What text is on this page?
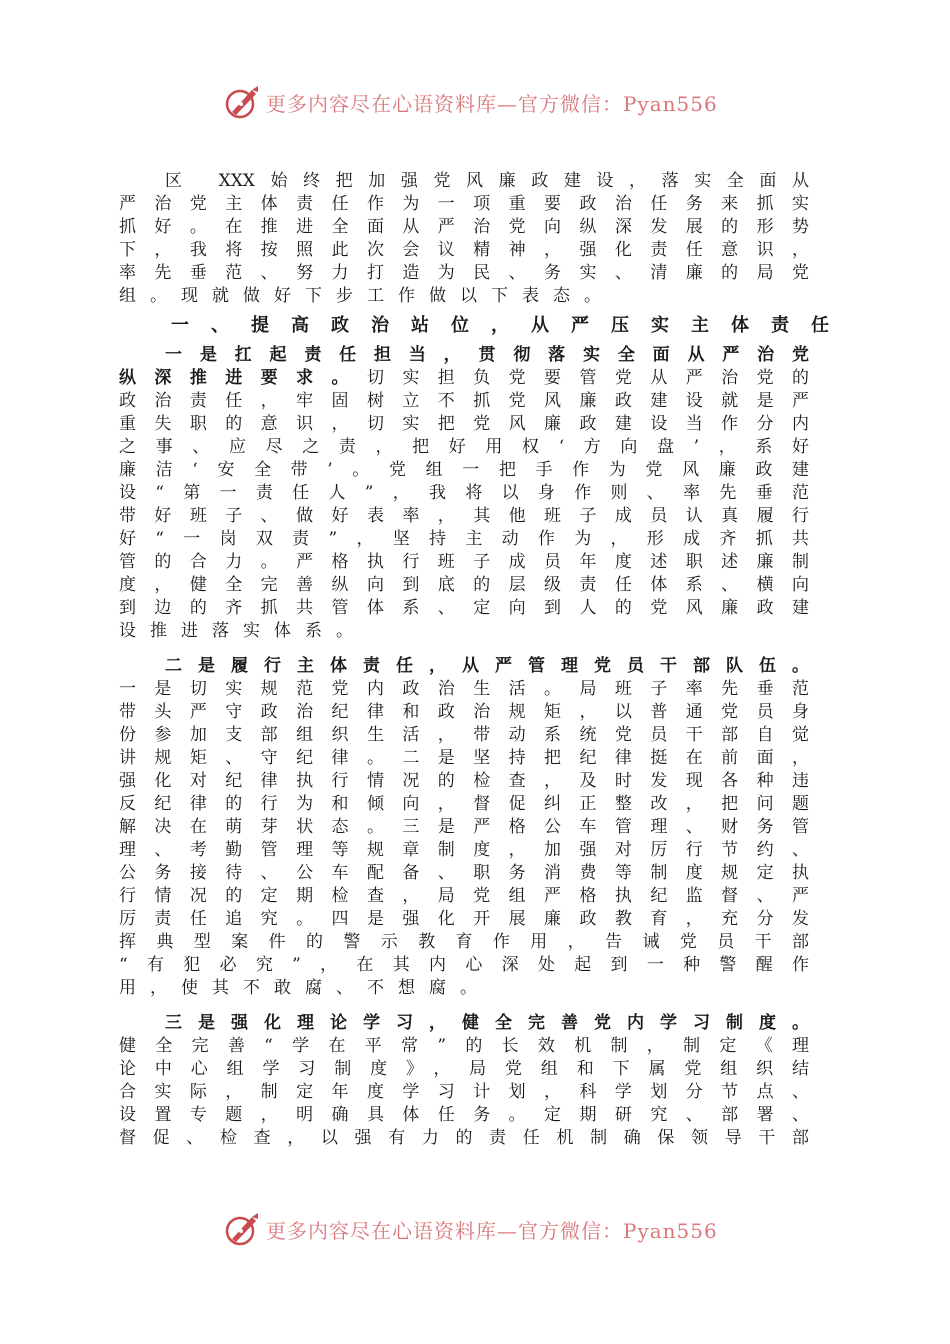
更多内容尽在心语资料库—官方微信：Pyan556
区 XXX始终把加强党风廉政建设，落实全面从
严治党主体责任作为一项重要政治任务来抓实
抓好。在推进全面从严治党向纵深发展的形势
下，我将按照此次会议精神，强化责任意识，
率先垂范、努力打造为民、务实、清廉的局党
组。现就做好下步工作做以下表态。
一、提高政治站位，从严压实主体责任
一是扛起责任担当，贯彻落实全面从严治党
纵深推进要求。切实担负党要管党从严治党的
政治责任，牢固树立不抓党风廉政建设就是严
重失职的意识，切实把党风廉政建设当作分内
之事、应尽之责，把好用权‘方向盘’，系好
廉洁‘安全带’。党组一把手作为党风廉政建
设“第一责任人”，我将以身作则、率先垂范
带好班子、做好表率，其他班子成员认真履行
好“一岗双责”，坚持主动作为，形成齐抓共
管的合力。严格执行班子成员年度述职述廉制
度，健全完善纵向到底的层级责任体系、横向
到边的齐抓共管体系、定向到人的党风廉政建
设推进落实体系。
二是履行主体责任，从严管理党员干部队伍。
一是切实规范党内政治生活。局班子率先垂范
带头严守政治纪律和政治规矩，以普通党员身
份参加支部组织生活，带动系统党员干部自觉
讲规矩、守纪律。二是坚持把纪律挺在前面，
强化对纪律执行情况的检查，及时发现各种违
反纪律的行为和倾向，督促纠正整改，把问题
解决在萌芽状态。三是严格公车管理、财务管
理、考勤管理等规章制度，加强对厉行节约、
公务接待、公车配备、职务消费等制度规定执
行情况的定期检查，局党组严格执纪监督、严
厉责任追究。四是强化开展廉政教育，充分发
挥典型案件的警示教育作用，告诫党员干部
“有犯必究”，在其内心深处起到一种警醒作
用，使其不敢腐、不想腐。
三是强化理论学习，健全完善党内学习制度。
健全完善“学在平常”的长效机制，制定《理
论中心组学习制度》，局党组和下属党组织结
合实际，制定年度学习计划，科学划分节点、
设置专题，明确具体任务。定期研究、部署、
督促、检查，以强有力的责任机制确保领导干部
更多内容尽在心语资料库—官方微信：Pyan556
